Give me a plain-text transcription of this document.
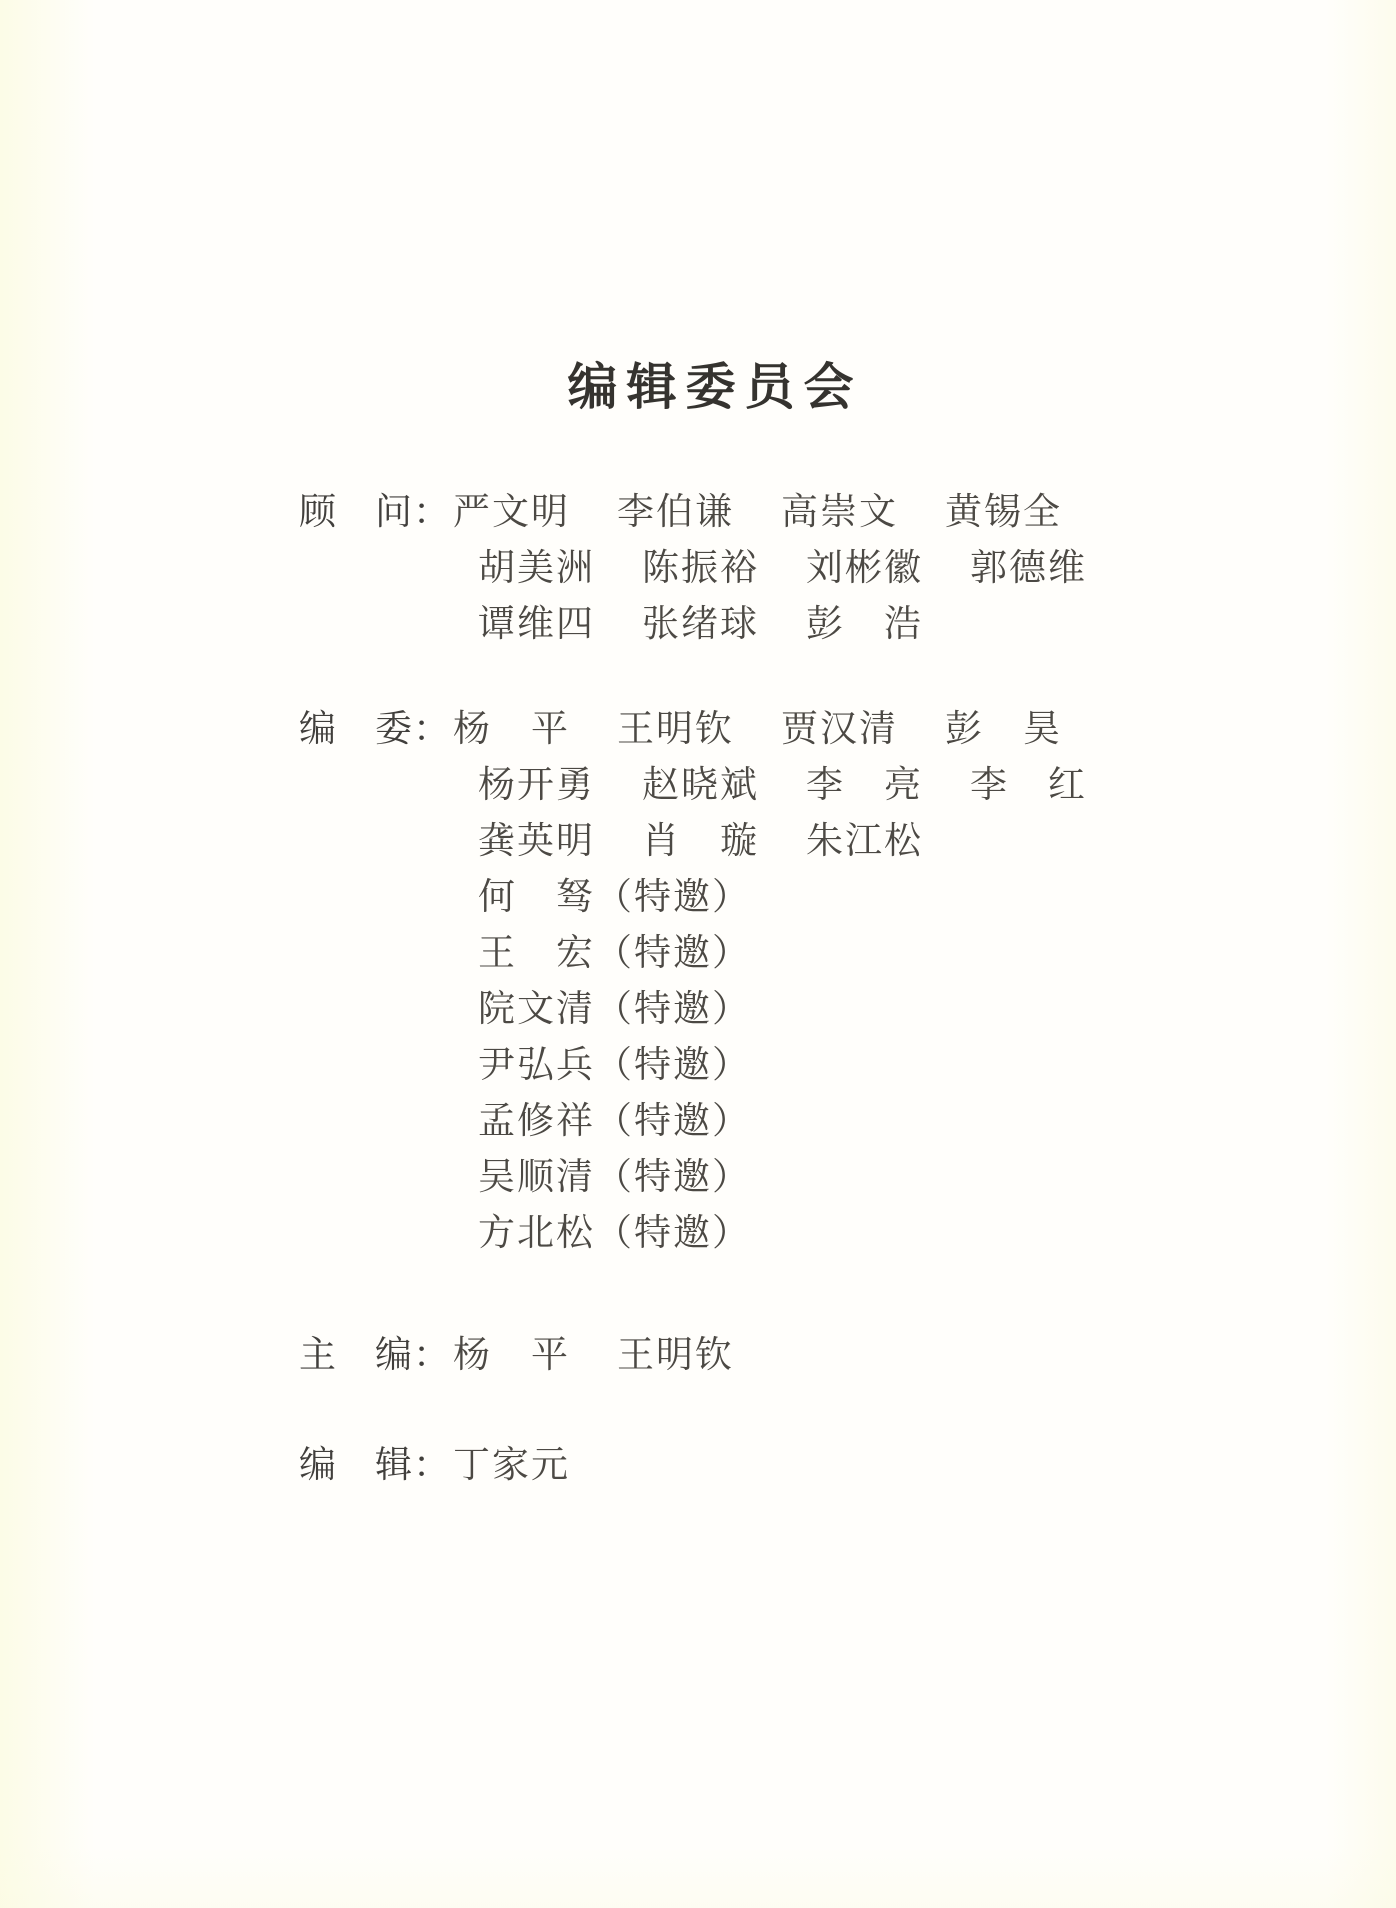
编辑委员会
顾　问： 严文明 李伯谦 高崇文 黄锡全
胡美洲 陈振裕 刘彬徽 郭德维
谭维四 张绪球 彭　浩
编　委： 杨　平 王明钦 贾汉清 彭　昊
杨开勇 赵晓斌 李　亮 李　红
龚英明 肖　璇 朱江松
何　驽（特邀）
王　宏（特邀）
院文清（特邀）
尹弘兵（特邀）
孟修祥（特邀）
吴顺清（特邀）
方北松（特邀）
主　编： 杨　平 王明钦
编　辑： 丁家元
